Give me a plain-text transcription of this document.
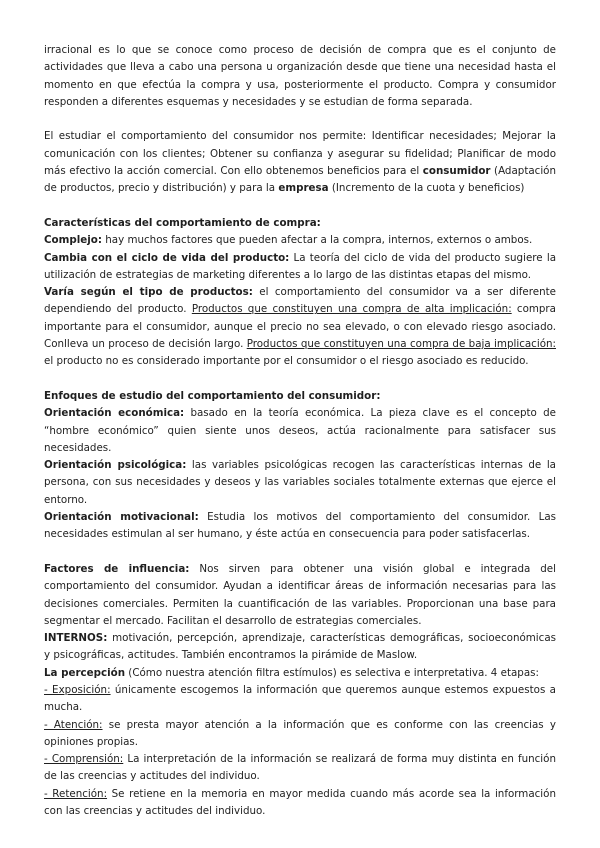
irracional es lo que se conoce como proceso de decisión de compra que es el conjunto de actividades que lleva a cabo una persona u organización desde que tiene una necesidad hasta el momento en que efectúa la compra y usa, posteriormente el producto. Compra y consumidor responden a diferentes esquemas y necesidades y se estudian de forma separada.

El estudiar el comportamiento del consumidor nos permite: Identificar necesidades; Mejorar la comunicación con los clientes; Obtener su confianza y asegurar su fidelidad; Planificar de modo más efectivo la acción comercial. Con ello obtenemos beneficios para el consumidor (Adaptación de productos, precio y distribución) y para la empresa (Incremento de la cuota y beneficios)

Características del comportamiento de compra:

Complejo: hay muchos factores que pueden afectar a la compra, internos, externos o ambos.

Cambia con el ciclo de vida del producto: La teoría del ciclo de vida del producto sugiere la utilización de estrategias de marketing diferentes a lo largo de las distintas etapas del mismo.

Varía según el tipo de productos: el comportamiento del consumidor va a ser diferente dependiendo del producto. Productos que constituyen una compra de alta implicación: compra importante para el consumidor, aunque el precio no sea elevado, o con elevado riesgo asociado. Conlleva un proceso de decisión largo. Productos que constituyen una compra de baja implicación: el producto no es considerado importante por el consumidor o el riesgo asociado es reducido.

Enfoques de estudio del comportamiento del consumidor:

Orientación económica: basado en la teoría económica. La pieza clave es el concepto de “hombre económico” quien siente unos deseos, actúa racionalmente para satisfacer sus necesidades.

Orientación psicológica: las variables psicológicas recogen las características internas de la persona, con sus necesidades y deseos y las variables sociales totalmente externas que ejerce el entorno.

Orientación motivacional: Estudia los motivos del comportamiento del consumidor. Las necesidades estimulan al ser humano, y éste actúa en consecuencia para poder satisfacerlas.

Factores de influencia: Nos sirven para obtener una visión global e integrada del comportamiento del consumidor. Ayudan a identificar áreas de información necesarias para las decisiones comerciales. Permiten la cuantificación de las variables. Proporcionan una base para segmentar el mercado. Facilitan el desarrollo de estrategias comerciales.

INTERNOS: motivación, percepción, aprendizaje, características demográficas, socioeconómicas y psicográficas, actitudes. También encontramos la pirámide de Maslow.

La percepción (Cómo nuestra atención filtra estímulos) es selectiva e interpretativa. 4 etapas:

- Exposición: únicamente escogemos la información que queremos aunque estemos expuestos a mucha.

- Atención: se presta mayor atención a la información que es conforme con las creencias y opiniones propias.

- Comprensión: La interpretación de la información se realizará de forma muy distinta en función de las creencias y actitudes del individuo.

- Retención: Se retiene en la memoria en mayor medida cuando más acorde sea la información con las creencias y actitudes del individuo.
